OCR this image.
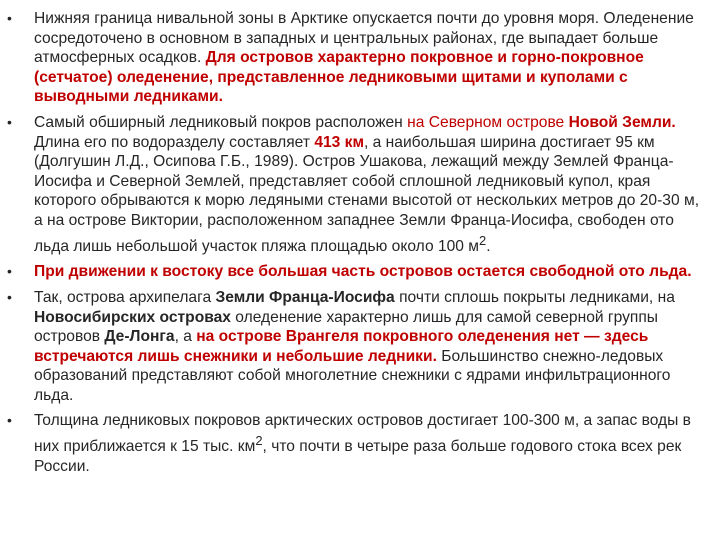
• Нижняя граница нивальной зоны в Арктике опускается почти до уровня моря. Оледенение сосредоточено в основном в западных и центральных районах, где выпадает больше атмосферных осадков. Для островов характерно покровное и горно-покровное (сетчатое) оледенение, представленное ледниковыми щитами и куполами с выводными ледниками.
• Самый обширный ледниковый покров расположен на Северном острове Новой Земли. Длина его по водоразделу составляет 413 км, а наибольшая ширина достигает 95 км (Долгушин Л.Д., Осипова Г.Б., 1989). Остров Ушакова, лежащий между Землей Франца-Иосифа и Северной Землей, представляет собой сплошной ледниковый купол, края которого обрываются к морю ледяными стенами высотой от нескольких метров до 20-30 м, а на острове Виктории, расположенном западнее Земли Франца-Иосифа, свободен ото льда лишь небольшой участок пляжа площадью около 100 $м^2$.
• При движении к востоку все большая часть островов остается свободной ото льда.
• Так, острова архипелага Земли Франца-Иосифа почти сплошь покрыты ледниками, на Новосибирских островах оледенение характерно лишь для самой северной группы островов Де-Лонга, а на острове Врангеля покровного оледенения нет — здесь встречаются лишь снежники и небольшие ледники. Большинство снежно-ледовых образований представляют собой многолетние снежники с ядрами инфильтрационного льда.
• Толщина ледниковых покровов арктических островов достигает 100-300 м, а запас воды в них приближается к 15 тыс. $км^2$, что почти в четыре раза больше годового стока всех рек России.
